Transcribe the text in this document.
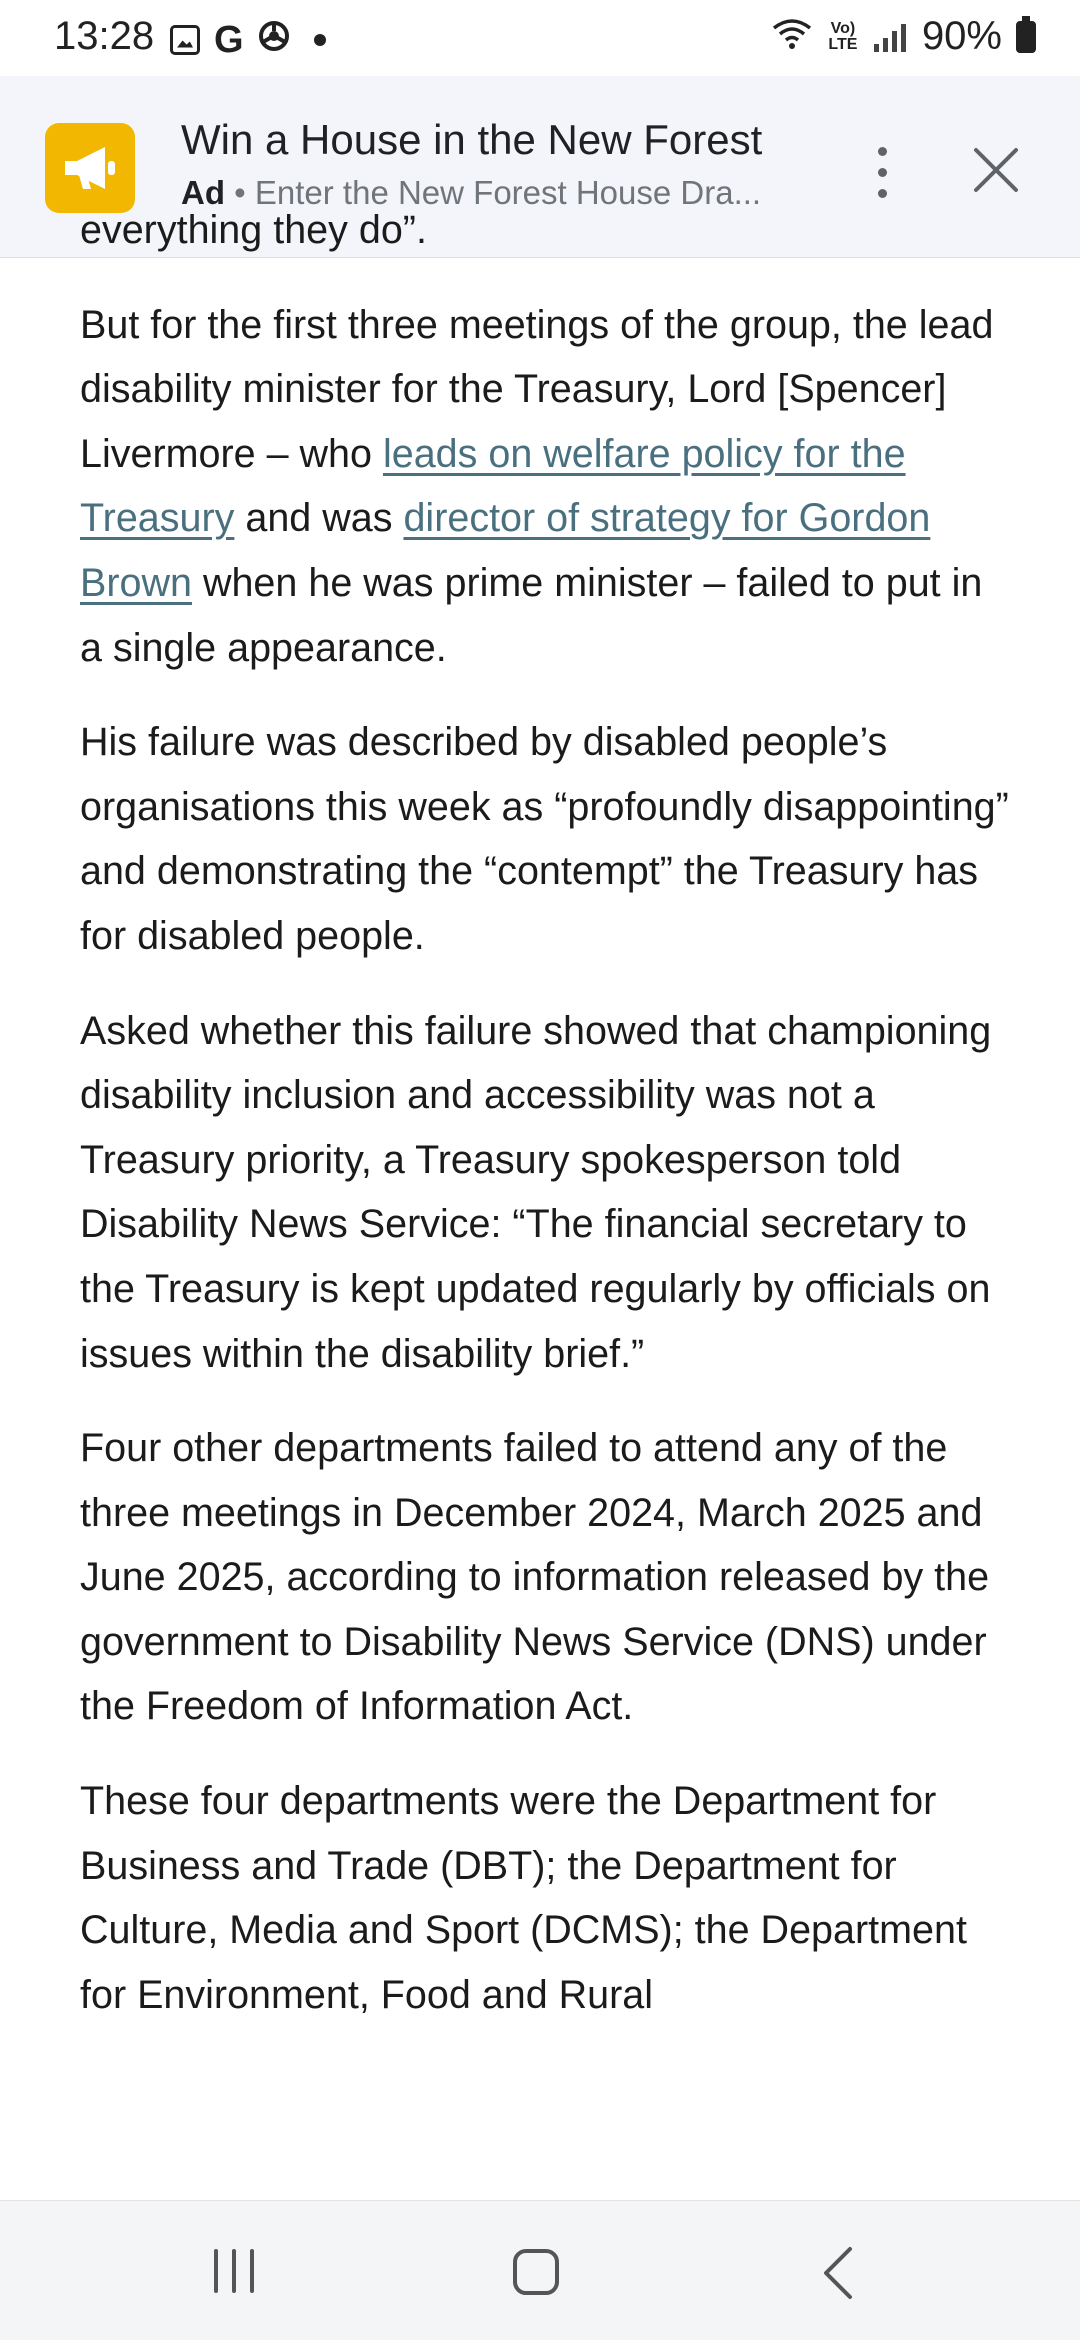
13:28 G	Vo) LTE 90%
Win a House in the New Forest
Ad • Enter the New Forest House Dra...

everything they do”.

But for the first three meetings of the group, the lead disability minister for the Treasury, Lord [Spencer] Livermore – who leads on welfare policy for the Treasury and was director of strategy for Gordon Brown when he was prime minister – failed to put in a single appearance.

His failure was described by disabled people’s organisations this week as “profoundly disappointing” and demonstrating the “contempt” the Treasury has for disabled people.

Asked whether this failure showed that championing disability inclusion and accessibility was not a Treasury priority, a Treasury spokesperson told Disability News Service: “The financial secretary to the Treasury is kept updated regularly by officials on issues within the disability brief.”

Four other departments failed to attend any of the three meetings in December 2024, March 2025 and June 2025, according to information released by the government to Disability News Service (DNS) under the Freedom of Information Act.

These four departments were the Department for Business and Trade (DBT); the Department for Culture, Media and Sport (DCMS); the Department for Environment, Food and Rural
